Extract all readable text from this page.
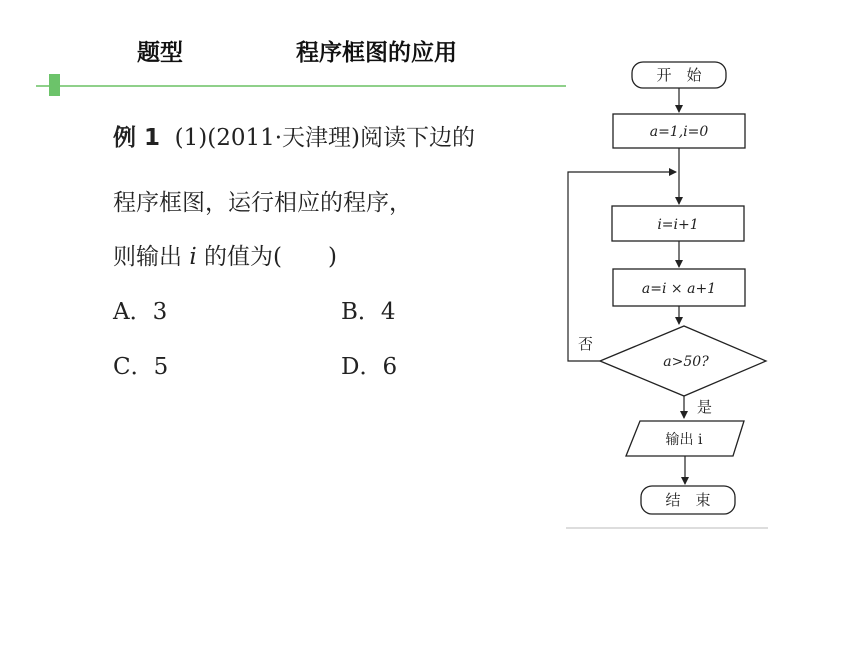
题型	程序框图的应用
例 1 (1)(2011·天津理)阅读下边的
程序框图，运行相应的程序，
则输出 i 的值为(　　)
A．3	B．4
C．5	D．6
开　始
a=1,i=0
i=i+1
a=i × a+1
a>50?
否
是
输出 i
结　束
